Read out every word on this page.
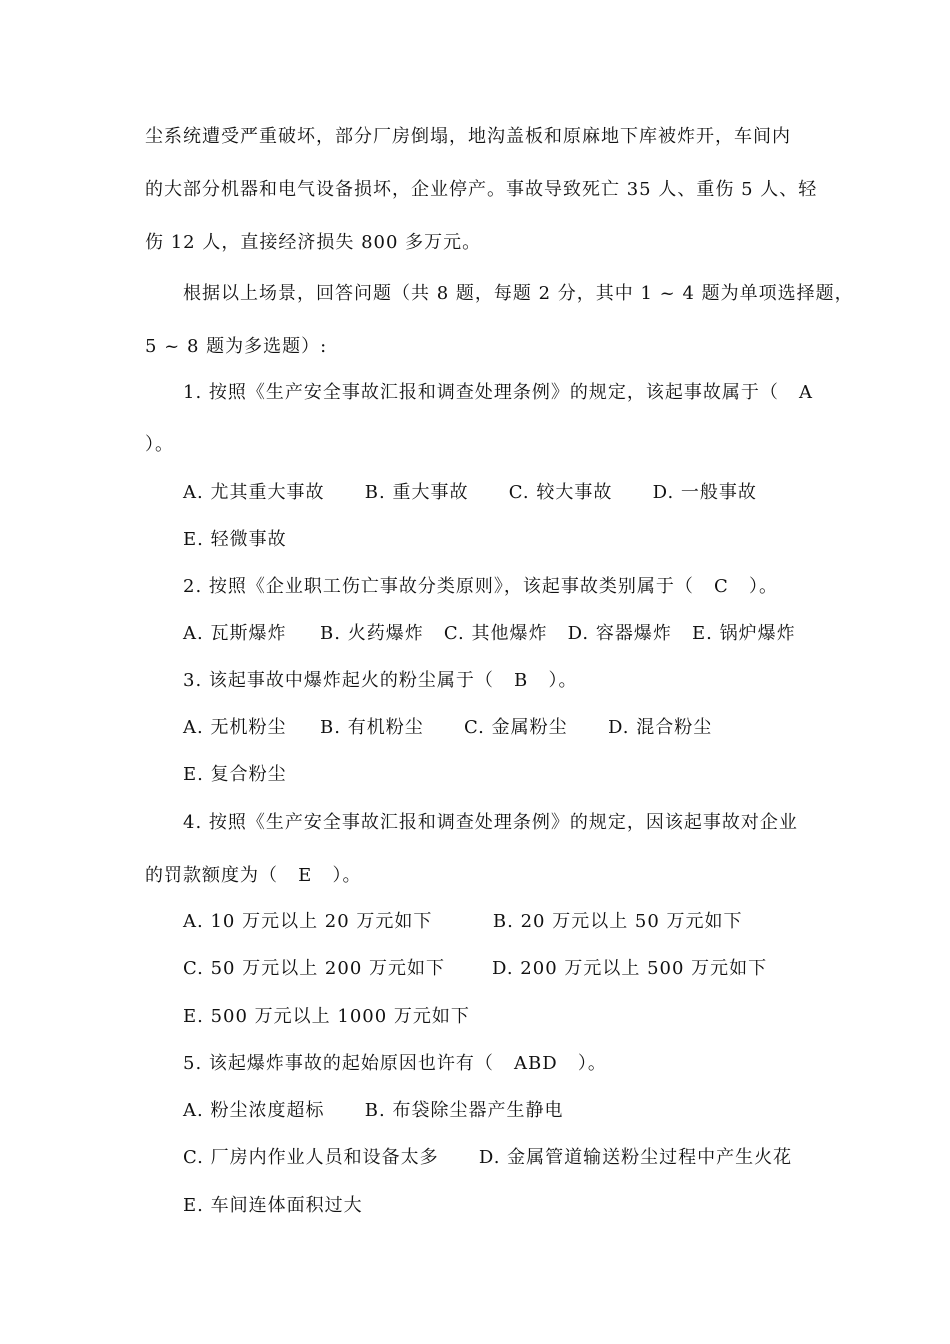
尘系统遭受严重破坏，部分厂房倒塌，地沟盖板和原麻地下库被炸开，车间内
的大部分机器和电气设备损坏，企业停产。事故导致死亡 35 人、重伤 5 人、轻
伤 12 人，直接经济损失 800 多万元。
根据以上场景，回答问题（共 8 题，每题 2 分，其中 1 ~ 4 题为单项选择题，
5 ~ 8 题为多选题）:
1. 按照《生产安全事故汇报和调查处理条例》的规定，该起事故属于（   A
）。
A. 尤其重大事故      B. 重大事故      C. 较大事故      D. 一般事故
E. 轻微事故
2. 按照《企业职工伤亡事故分类原则》，该起事故类别属于（   C   ）。
A. 瓦斯爆炸     B. 火药爆炸   C. 其他爆炸   D. 容器爆炸   E. 锅炉爆炸
3. 该起事故中爆炸起火的粉尘属于（   B   ）。
A. 无机粉尘     B. 有机粉尘      C. 金属粉尘      D. 混合粉尘
E. 复合粉尘
4. 按照《生产安全事故汇报和调查处理条例》的规定，因该起事故对企业
的罚款额度为（   E   ）。
A. 10 万元以上 20 万元如下         B. 20 万元以上 50 万元如下
C. 50 万元以上 200 万元如下       D. 200 万元以上 500 万元如下
E. 500 万元以上 1000 万元如下
5. 该起爆炸事故的起始原因也许有（   ABD   ）。
A. 粉尘浓度超标      B. 布袋除尘器产生静电
C. 厂房内作业人员和设备太多      D. 金属管道输送粉尘过程中产生火花
E. 车间连体面积过大
